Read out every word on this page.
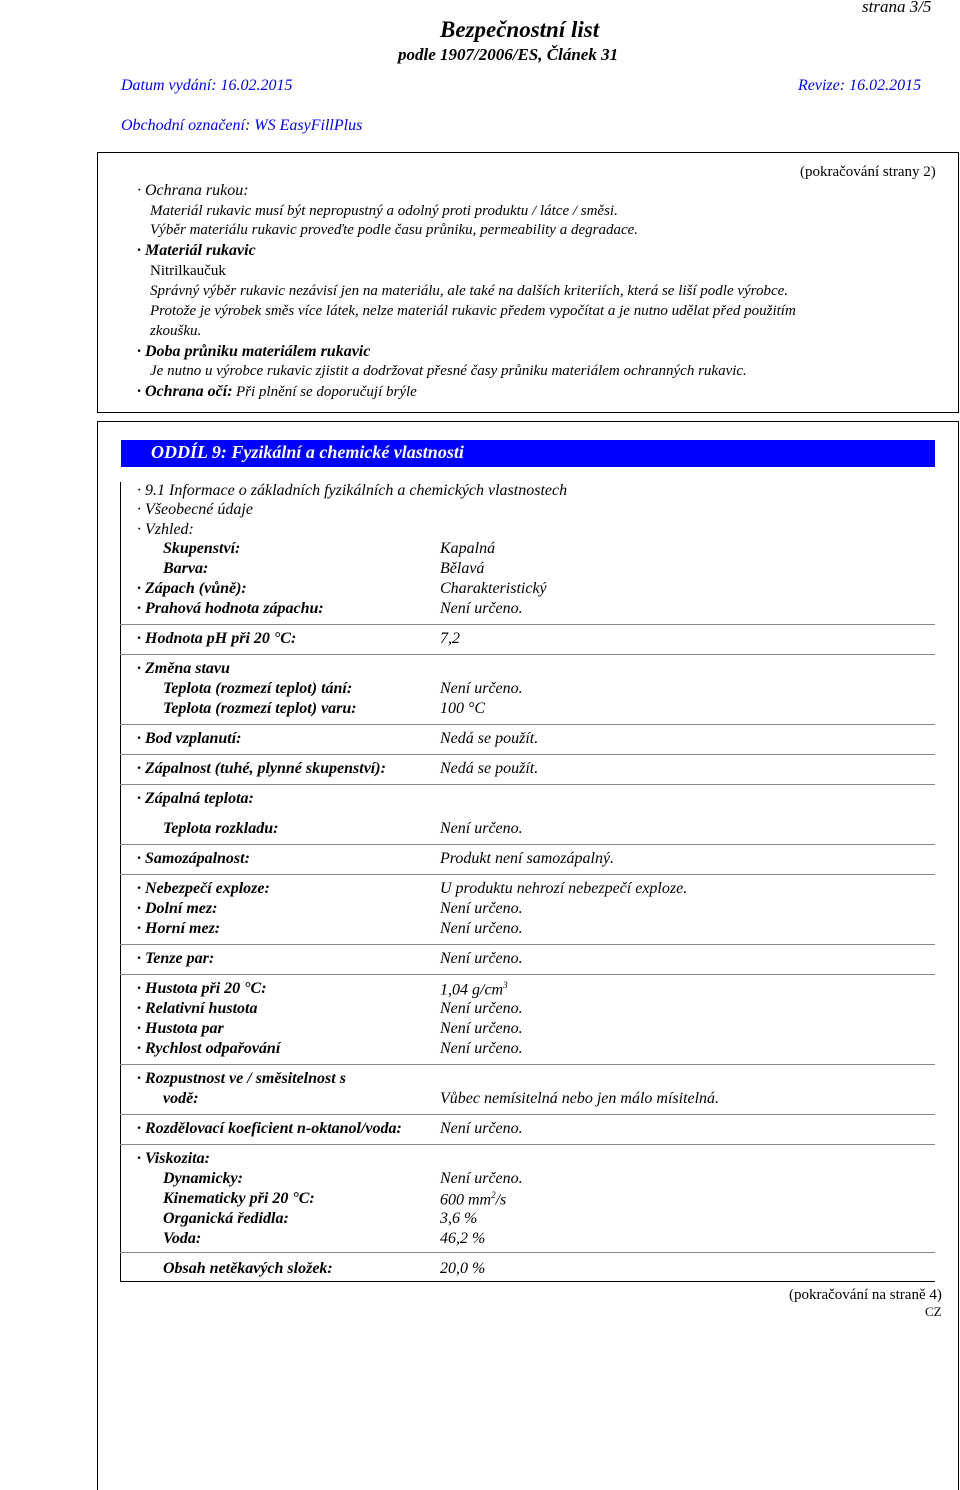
strana 3/5
Bezpečnostní list
podle 1907/2006/ES, Článek 31
Datum vydání: 16.02.2015	Revize: 16.02.2015
Obchodní označení: WS EasyFillPlus
(pokračování strany 2)
· Ochrana rukou:
Materiál rukavic musí být nepropustný a odolný proti produktu / látce / směsi.
Výběr materiálu rukavic proveďte podle času průniku, permeability a degradace.
· Materiál rukavic
Nitrilkaučuk
Správný výběr rukavic nezávisí jen na materiálu, ale také na dalších kriteriích, která se liší podle výrobce.
Protože je výrobek směs více látek, nelze materiál rukavic předem vypočítat a je nutno udělat před použitím
zkoušku.
· Doba průniku materiálem rukavic
Je nutno u výrobce rukavic zjistit a dodržovat přesné časy průniku materiálem ochranných rukavic.
· Ochrana očí: Při plnění se doporučují brýle
ODDÍL 9: Fyzikální a chemické vlastnosti
· 9.1 Informace o základních fyzikálních a chemických vlastnostech
· Všeobecné údaje
· Vzhled:
Skupenství:	Kapalná
Barva:	Bělavá
· Zápach (vůně):	Charakteristický
· Prahová hodnota zápachu:	Není určeno.
· Hodnota pH při 20 °C:	7,2
· Změna stavu
Teplota (rozmezí teplot) tání:	Není určeno.
Teplota (rozmezí teplot) varu:	100 °C
· Bod vzplanutí:	Nedá se použít.
· Zápalnost (tuhé, plynné skupenství):	Nedá se použít.
· Zápalná teplota:
Teplota rozkladu:	Není určeno.
· Samozápalnost:	Produkt není samozápalný.
· Nebezpečí exploze:	U produktu nehrozí nebezpečí exploze.
· Dolní mez:	Není určeno.
· Horní mez:	Není určeno.
· Tenze par:	Není určeno.
· Hustota při 20 °C:	1,04 $g/cm^3$
· Relativní hustota	Není určeno.
· Hustota par	Není určeno.
· Rychlost odpařování	Není určeno.
· Rozpustnost ve / směsitelnost s
vodě:	Vůbec nemísitelná nebo jen málo mísitelná.
· Rozdělovací koeficient n-oktanol/voda: Není určeno.
· Viskozita:
Dynamicky:	Není určeno.
Kinematicky při 20 °C:	600 $mm^2/s$
Organická ředidla:	3,6 %
Voda:	46,2 %
Obsah netěkavých složek:	20,0 %
(pokračování na straně 4)
CZ
